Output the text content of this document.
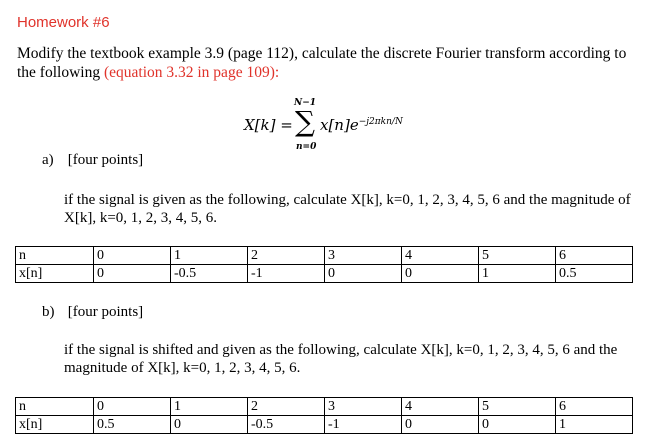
Homework #6
Modify the textbook example 3.9 (page 112), calculate the discrete Fourier transform according to the following (equation 3.32 in page 109):
X[k] =
N−1
∑
n=0
$x[n]e^{-j2\pi kn/N}$
a) [four points]
if the signal is given as the following, calculate X[k], k=0, 1, 2, 3, 4, 5, 6 and the magnitude of X[k], k=0, 1, 2, 3, 4, 5, 6.
n	0	1	2	3	4	5	6
x[n]	0	-0.5	-1	0	0	1	0.5
b) [four points]
if the signal is shifted and given as the following, calculate X[k], k=0, 1, 2, 3, 4, 5, 6 and the magnitude of X[k], k=0, 1, 2, 3, 4, 5, 6.
n	0	1	2	3	4	5	6
x[n]	0.5	0	-0.5	-1	0	0	1
